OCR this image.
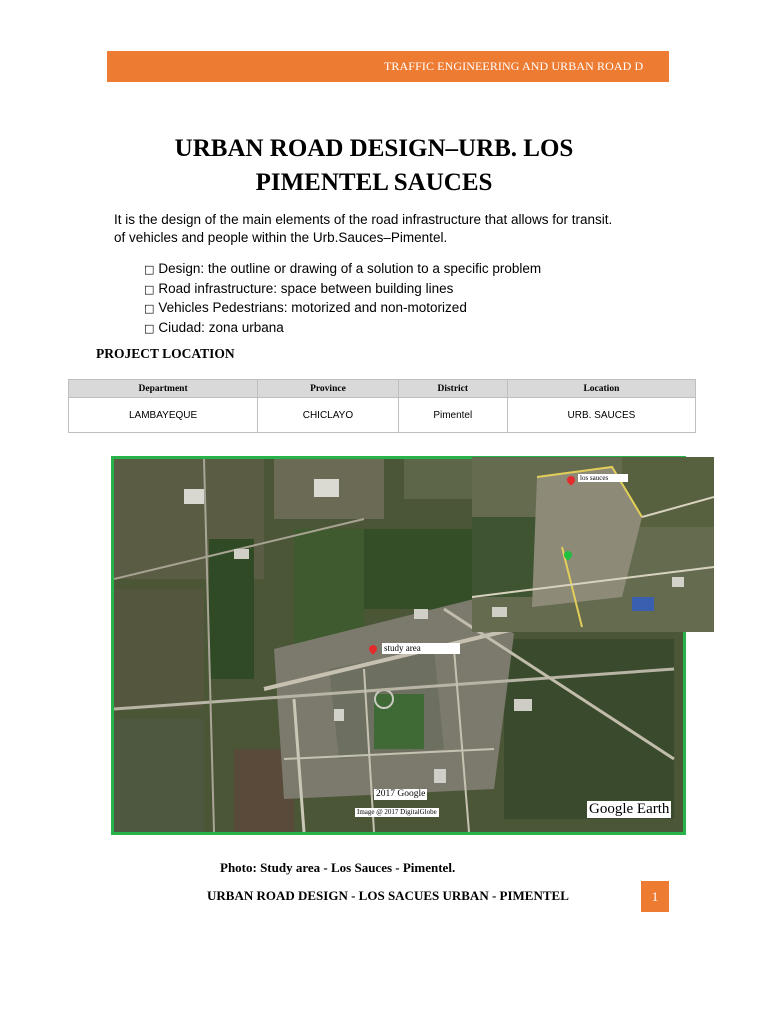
TRAFFIC ENGINEERING AND URBAN ROAD D
URBAN ROAD DESIGN–URB. LOS
PIMENTEL SAUCES
It is the design of the main elements of the road infrastructure that allows for transit.
of vehicles and people within the Urb.Sauces–Pimentel.
□ Design: the outline or drawing of a solution to a specific problem
□ Road infrastructure: space between building lines
□ Vehicles Pedestrians: motorized and non-motorized
□ Ciudad: zona urbana
PROJECT LOCATION
Department	Province	District	Location
LAMBAYEQUE	CHICLAYO	Pimentel	URB. SAUCES
los sauces
study area
2017 Google
Image @ 2017 DigitalGlobe	Google Earth
Photo: Study area - Los Sauces - Pimentel.
URBAN ROAD DESIGN - LOS SACUES URBAN - PIMENTEL	1
